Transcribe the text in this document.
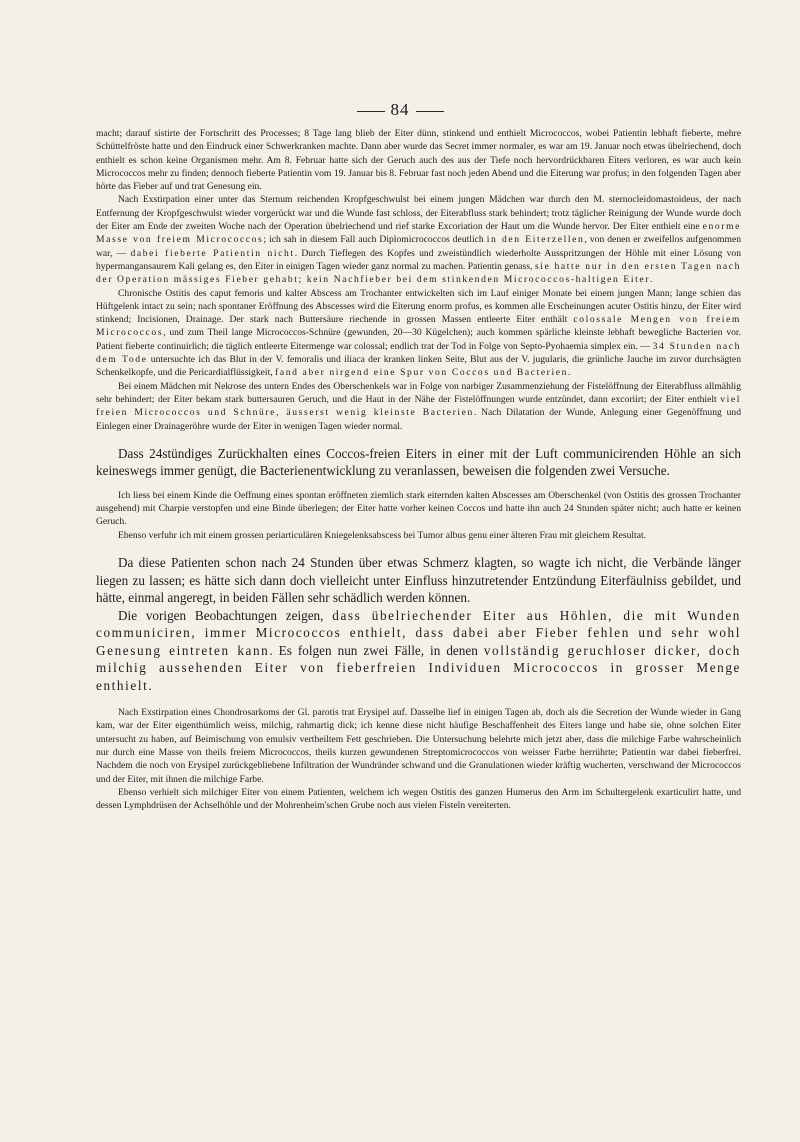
84

macht; darauf sistirte der Fortschritt des Processes; 8 Tage lang blieb der Eiter dünn, stinkend und enthielt Micrococcos, wobei Patientin lebhaft fieberte, mehre Schüttelfröste hatte und den Eindruck einer Schwerkranken machte. Dann aber wurde das Secret immer normaler, es war am 19. Januar noch etwas übelriechend, doch enthielt es schon keine Organismen mehr. Am 8. Februar hatte sich der Geruch auch des aus der Tiefe noch hervordrückbaren Eiters verloren, es war auch kein Micrococcos mehr zu finden; dennoch fieberte Patientin vom 19. Januar bis 8. Februar fast noch jeden Abend und die Eiterung war profus; in den folgenden Tagen aber hörte das Fieber auf und trat Genesung ein.

Nach Exstirpation einer unter das Sternum reichenden Kropfgeschwulst bei einem jungen Mädchen war durch den M. sternocleidomastoideus, der nach Entfernung der Kropfgeschwulst wieder vorgerückt war und die Wunde fast schloss, der Eiterabfluss stark behindert; trotz täglicher Reinigung der Wunde wurde doch der Eiter am Ende der zweiten Woche nach der Operation übelriechend und rief starke Excoriation der Haut um die Wunde hervor. Der Eiter enthielt eine enorme Masse von freiem Micrococcos; ich sah in diesem Fall auch Diplomicrococcos deutlich in den Eiterzellen, von denen er zweifellos aufgenommen war, — dabei fieberte Patientin nicht. Durch Tieflegen des Kopfes und zweistündlich wiederholte Ausspritzungen der Höhle mit einer Lösung von hypermangansaurem Kali gelang es, den Eiter in einigen Tagen wieder ganz normal zu machen. Patientin genass, sie hatte nur in den ersten Tagen nach der Operation mässiges Fieber gehabt; kein Nachfieber bei dem stinkenden Micrococcos-haltigen Eiter.

Chronische Ostitis des caput femoris und kalter Abscess am Trochanter entwickelten sich im Lauf einiger Monate bei einem jungen Mann; lange schien das Hüftgelenk intact zu sein; nach spontaner Eröffnung des Abscesses wird die Eiterung enorm profus, es kommen alle Erscheinungen acuter Ostitis hinzu, der Eiter wird stinkend; Incisionen, Drainage. Der stark nach Buttersäure riechende in grossen Massen entleerte Eiter enthält colossale Mengen von freiem Micrococcos, und zum Theil lange Micrococcos-Schnüre (gewunden, 20—30 Kügelchen); auch kommen spärliche kleinste lebhaft bewegliche Bacterien vor. Patient fieberte continuirlich; die täglich entleerte Eitermenge war colossal; endlich trat der Tod in Folge von Septo-Pyohaemia simplex ein. — 34 Stunden nach dem Tode untersuchte ich das Blut in der V. femoralis und iliaca der kranken linken Seite, Blut aus der V. jugularis, die grünliche Jauche im zuvor durchsägten Schenkelkopfe, und die Pericardialflüssigkeit, fand aber nirgend eine Spur von Coccos und Bacterien.

Bei einem Mädchen mit Nekrose des untern Endes des Oberschenkels war in Folge von narbiger Zusammenziehung der Fistelöffnung der Eiterabfluss allmählig sehr behindert; der Eiter bekam stark buttersauren Geruch, und die Haut in der Nähe der Fistelöffnungen wurde entzündet, dann excoriirt; der Eiter enthielt viel freien Micrococcos und Schnüre, äusserst wenig kleinste Bacterien. Nach Dilatation der Wunde, Anlegung einer Gegenöffnung und Einlegen einer Drainageröhre wurde der Eiter in wenigen Tagen wieder normal.

Dass 24stündiges Zurückhalten eines Coccos-freien Eiters in einer mit der Luft communicirenden Höhle an sich keineswegs immer genügt, die Bacterienentwicklung zu veranlassen, beweisen die folgenden zwei Versuche.

Ich liess bei einem Kinde die Oeffnung eines spontan eröffneten ziemlich stark eiternden kalten Abscesses am Oberschenkel (von Ostitis des grossen Trochanter ausgehend) mit Charpie verstopfen und eine Binde überlegen; der Eiter hatte vorher keinen Coccos und hatte ihn auch 24 Stunden später nicht; auch hatte er keinen Geruch.

Ebenso verfuhr ich mit einem grossen periarticulären Kniegelenksabscess bei Tumor albus genu einer älteren Frau mit gleichem Resultat.

Da diese Patienten schon nach 24 Stunden über etwas Schmerz klagten, so wagte ich nicht, die Verbände länger liegen zu lassen; es hätte sich dann doch vielleicht unter Einfluss hinzutretender Entzündung Eiterfäulniss gebildet, und hätte, einmal angeregt, in beiden Fällen sehr schädlich werden können.

Die vorigen Beobachtungen zeigen, dass übelriechender Eiter aus Höhlen, die mit Wunden communiciren, immer Micrococcos enthielt, dass dabei aber Fieber fehlen und sehr wohl Genesung eintreten kann. Es folgen nun zwei Fälle, in denen vollständig geruchloser dicker, doch milchig aussehenden Eiter von fieberfreien Individuen Micrococcos in grosser Menge enthielt.

Nach Exstirpation eines Chondrosarkoms der Gl. parotis trat Erysipel auf. Dasselbe lief in einigen Tagen ab, doch als die Secretion der Wunde wieder in Gang kam, war der Eiter eigenthümlich weiss, milchig, rahmartig dick; ich kenne diese nicht häufige Beschaffenheit des Eiters lange und habe sie, ohne solchen Eiter untersucht zu haben, auf Beimischung von emulsiv vertheiltem Fett geschrieben. Die Untersuchung belehrte mich jetzt aber, dass die milchige Farbe wahrscheinlich nur durch eine Masse von theils freiem Micrococcos, theils kurzen gewundenen Streptomicrococcos von weisser Farbe herrührte; Patientin war dabei fieberfrei. Nachdem die noch von Erysipel zurückgebliebene Infiltration der Wundränder schwand und die Granulationen wieder kräftig wucherten, verschwand der Micrococcos und der Eiter, mit ihnen die milchige Farbe.

Ebenso verhielt sich milchiger Eiter von einem Patienten, welchem ich wegen Ostitis des ganzen Humerus den Arm im Schultergelenk exarticulirt hatte, und dessen Lymphdrüsen der Achselhöhle und der Mohrenheim'schen Grube noch aus vielen Fisteln vereiterten.
